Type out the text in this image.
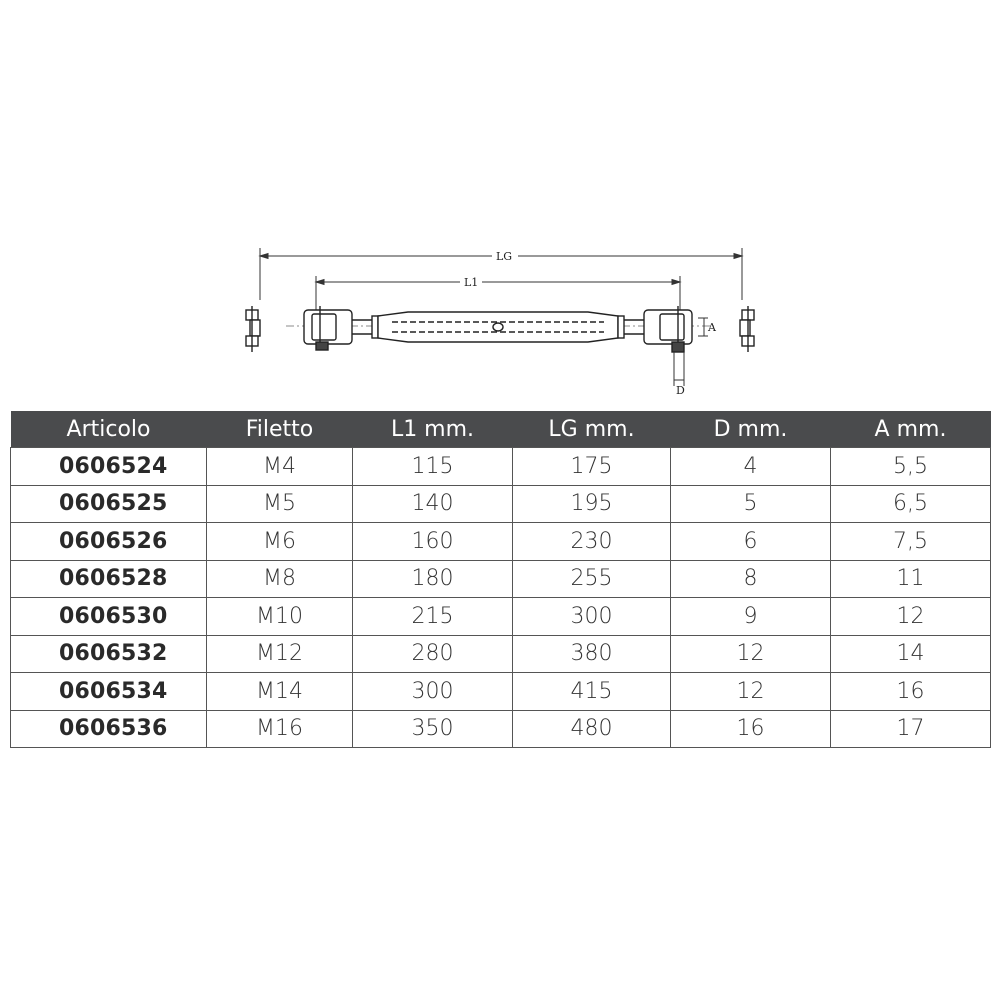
LG
L1
A
D
Articolo	Filetto	L1 mm.	LG mm.	D mm.	A mm.
0606524	M4	115	175	4	5,5
0606525	M5	140	195	5	6,5
0606526	M6	160	230	6	7,5
0606528	M8	180	255	8	11
0606530	M10	215	300	9	12
0606532	M12	280	380	12	14
0606534	M14	300	415	12	16
0606536	M16	350	480	16	17
